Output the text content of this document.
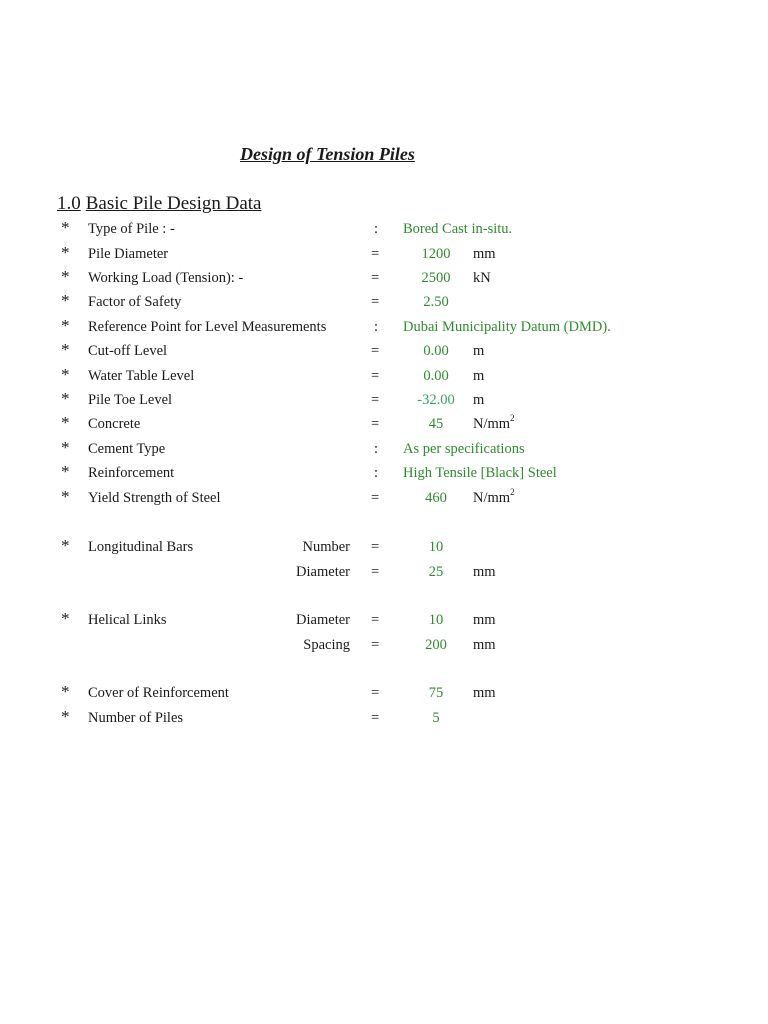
Design of Tension Piles
1.0 Basic Pile Design Data
* Type of Pile : -	: Bored Cast in-situ.
* Pile Diameter	=	1200	mm
* Working Load (Tension): -	=	2500	kN
* Factor of Safety	=	2.50
* Reference Point for Level Measurements	: Dubai Municipality Datum (DMD).
* Cut-off Level	=	0.00	m
* Water Table Level	=	0.00	m
* Pile Toe Level	=	-32.00	m
* Concrete	=	45	$N/mm^2$
* Cement Type	: As per specifications
* Reinforcement	: High Tensile [Black] Steel
* Yield Strength of Steel	=	460	$N/mm^2$
* Longitudinal Bars	Number =	10
Diameter =	25	mm
* Helical Links	Diameter =	10	mm
Spacing =	200	mm
* Cover of Reinforcement	=	75	mm
* Number of Piles	=	5
